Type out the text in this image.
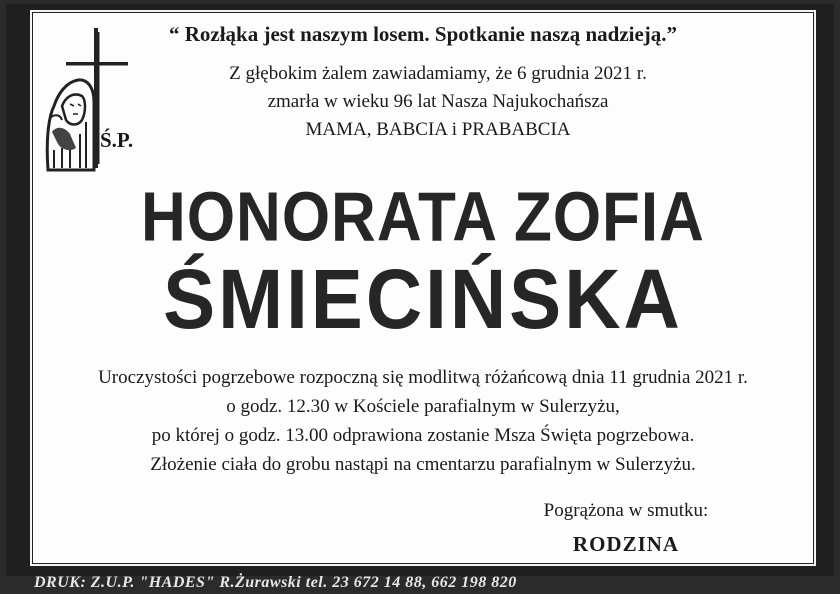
“ Rozłąka jest naszym losem. Spotkanie naszą nadzieją.”
Z głębokim żalem zawiadamiamy, że 6 grudnia 2021 r.
zmarła w wieku 96 lat Nasza Najukochańsza
MAMA, BABCIA i PRABABCIA
Ś.P.
HONORATA ZOFIA
ŚMIECIŃSKA
Uroczystości pogrzebowe rozpoczną się modlitwą różańcową dnia 11 grudnia 2021 r.
o godz. 12.30 w Kościele parafialnym w Sulerzyżu,
po której o godz. 13.00 odprawiona zostanie Msza Święta pogrzebowa.
Złożenie ciała do grobu nastąpi na cmentarzu parafialnym w Sulerzyżu.
Pogrążona w smutku:
RODZINA
DRUK: Z.U.P. "HADES" R.Żurawski tel. 23 672 14 88, 662 198 820
